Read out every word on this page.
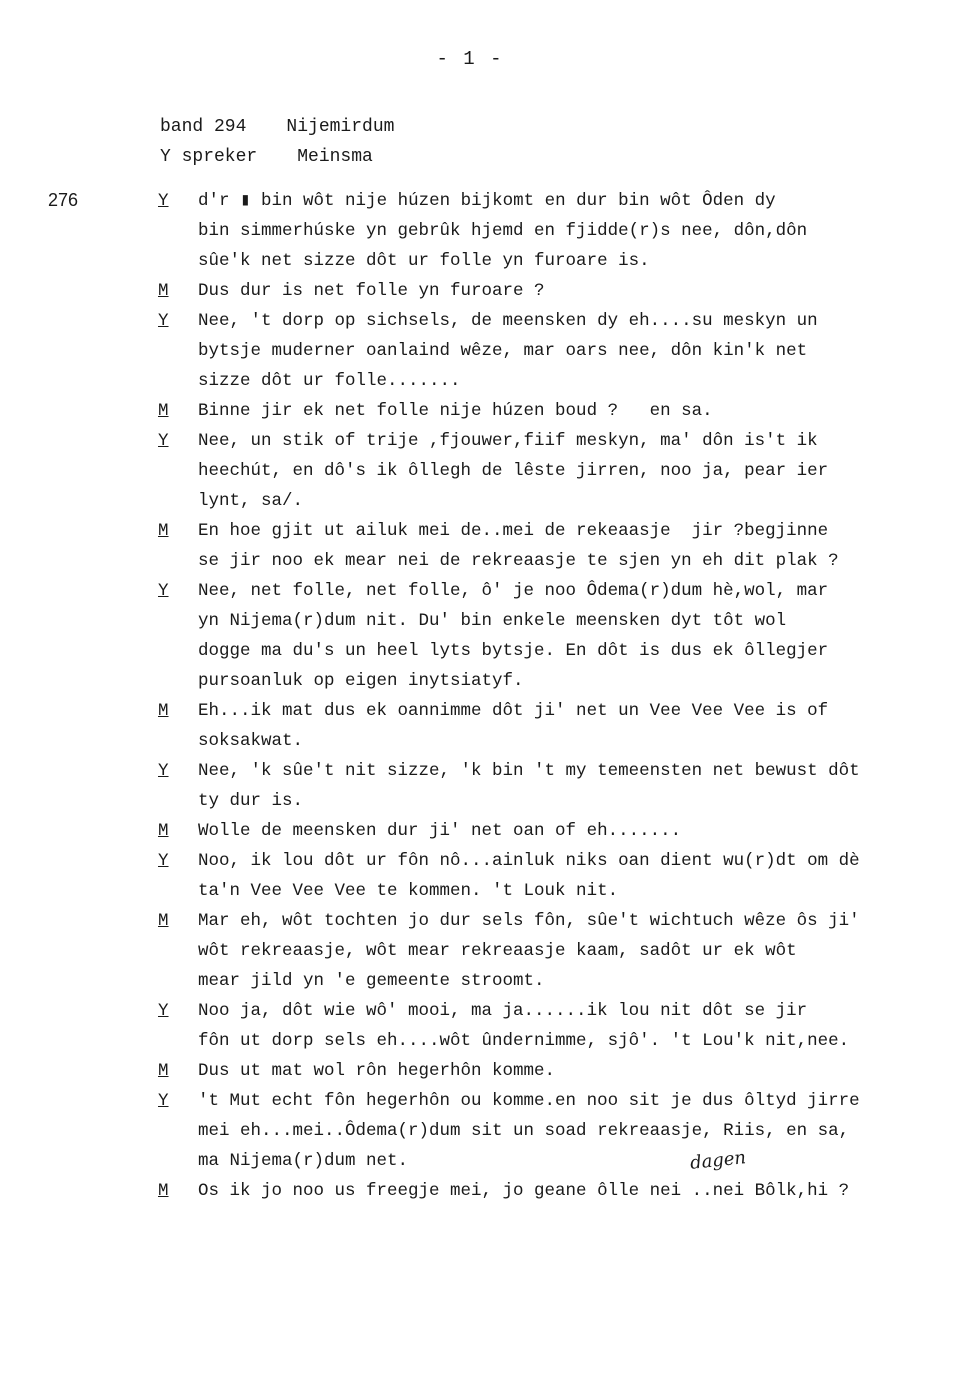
- 1 -
band 294 Nijemirdum
Y spreker Meinsma
276	Y	d'r ▮ bin wôt nije húzen bijkomt en dur bin wôt Ôden dy
bin simmerhúske yn gebrûk hjemd en fjidde(r)s nee, dôn,dôn
sûe'k net sizze dôt ur folle yn furoare is.
M	Dus dur is net folle yn furoare ?
Y	Nee, 't dorp op sichsels, de meensken dy eh....su meskyn un
bytsje muderner oanlaind wêze, mar oars nee, dôn kin'k net
sizze dôt ur folle.......
M	Binne jir ek net folle nije húzen boud ?   en sa.
Y	Nee, un stik of trije ,fjouwer,fiif meskyn, ma' dôn is't ik
heechút, en dô's ik ôllegh de lêste jirren, noo ja, pear ier
lynt, sa/.
M	En hoe gjit ut ailuk mei de..mei de rekeaasje  jir ?begjinne
se jir noo ek mear nei de rekreaasje te sjen yn eh dit plak ?
Y	Nee, net folle, net folle, ô' je noo Ôdema(r)dum hè,wol, mar
yn Nijema(r)dum nit. Du' bin enkele meensken dyt tôt wol
dogge ma du's un heel lyts bytsje. En dôt is dus ek ôllegjer
pursoanluk op eigen inytsiatyf.
M	Eh...ik mat dus ek oannimme dôt ji' net un Vee Vee Vee is of
soksakwat.
Y	Nee, 'k sûe't nit sizze, 'k bin 't my temeensten net bewust dôt
ty dur is.
M	Wolle de meensken dur ji' net oan of eh.......
Y	Noo, ik lou dôt ur fôn nô...ainluk niks oan dient wu(r)dt om dè
ta'n Vee Vee Vee te kommen. 't Louk nit.
M	Mar eh, wôt tochten jo dur sels fôn, sûe't wichtuch wêze ôs ji'
wôt rekreaasje, wôt mear rekreaasje kaam, sadôt ur ek wôt
mear jild yn 'e gemeente stroomt.
Y	Noo ja, dôt wie wô' mooi, ma ja......ik lou nit dôt se jir
fôn ut dorp sels eh....wôt ûndernimme, sjô'. 't Lou'k nit,nee.
M	Dus ut mat wol rôn hegerhôn komme.
Y	't Mut echt fôn hegerhôn ou komme.en noo sit je dus ôltyd jirre
mei eh...mei..Ôdema(r)dum sit un soad rekreaasje, Riis, en sa,
ma Nijema(r)dum net.
M	Os ik jo noo us freegje mei, jo geane ôlle nei ..nei Bôlk,hi ?
dagen
